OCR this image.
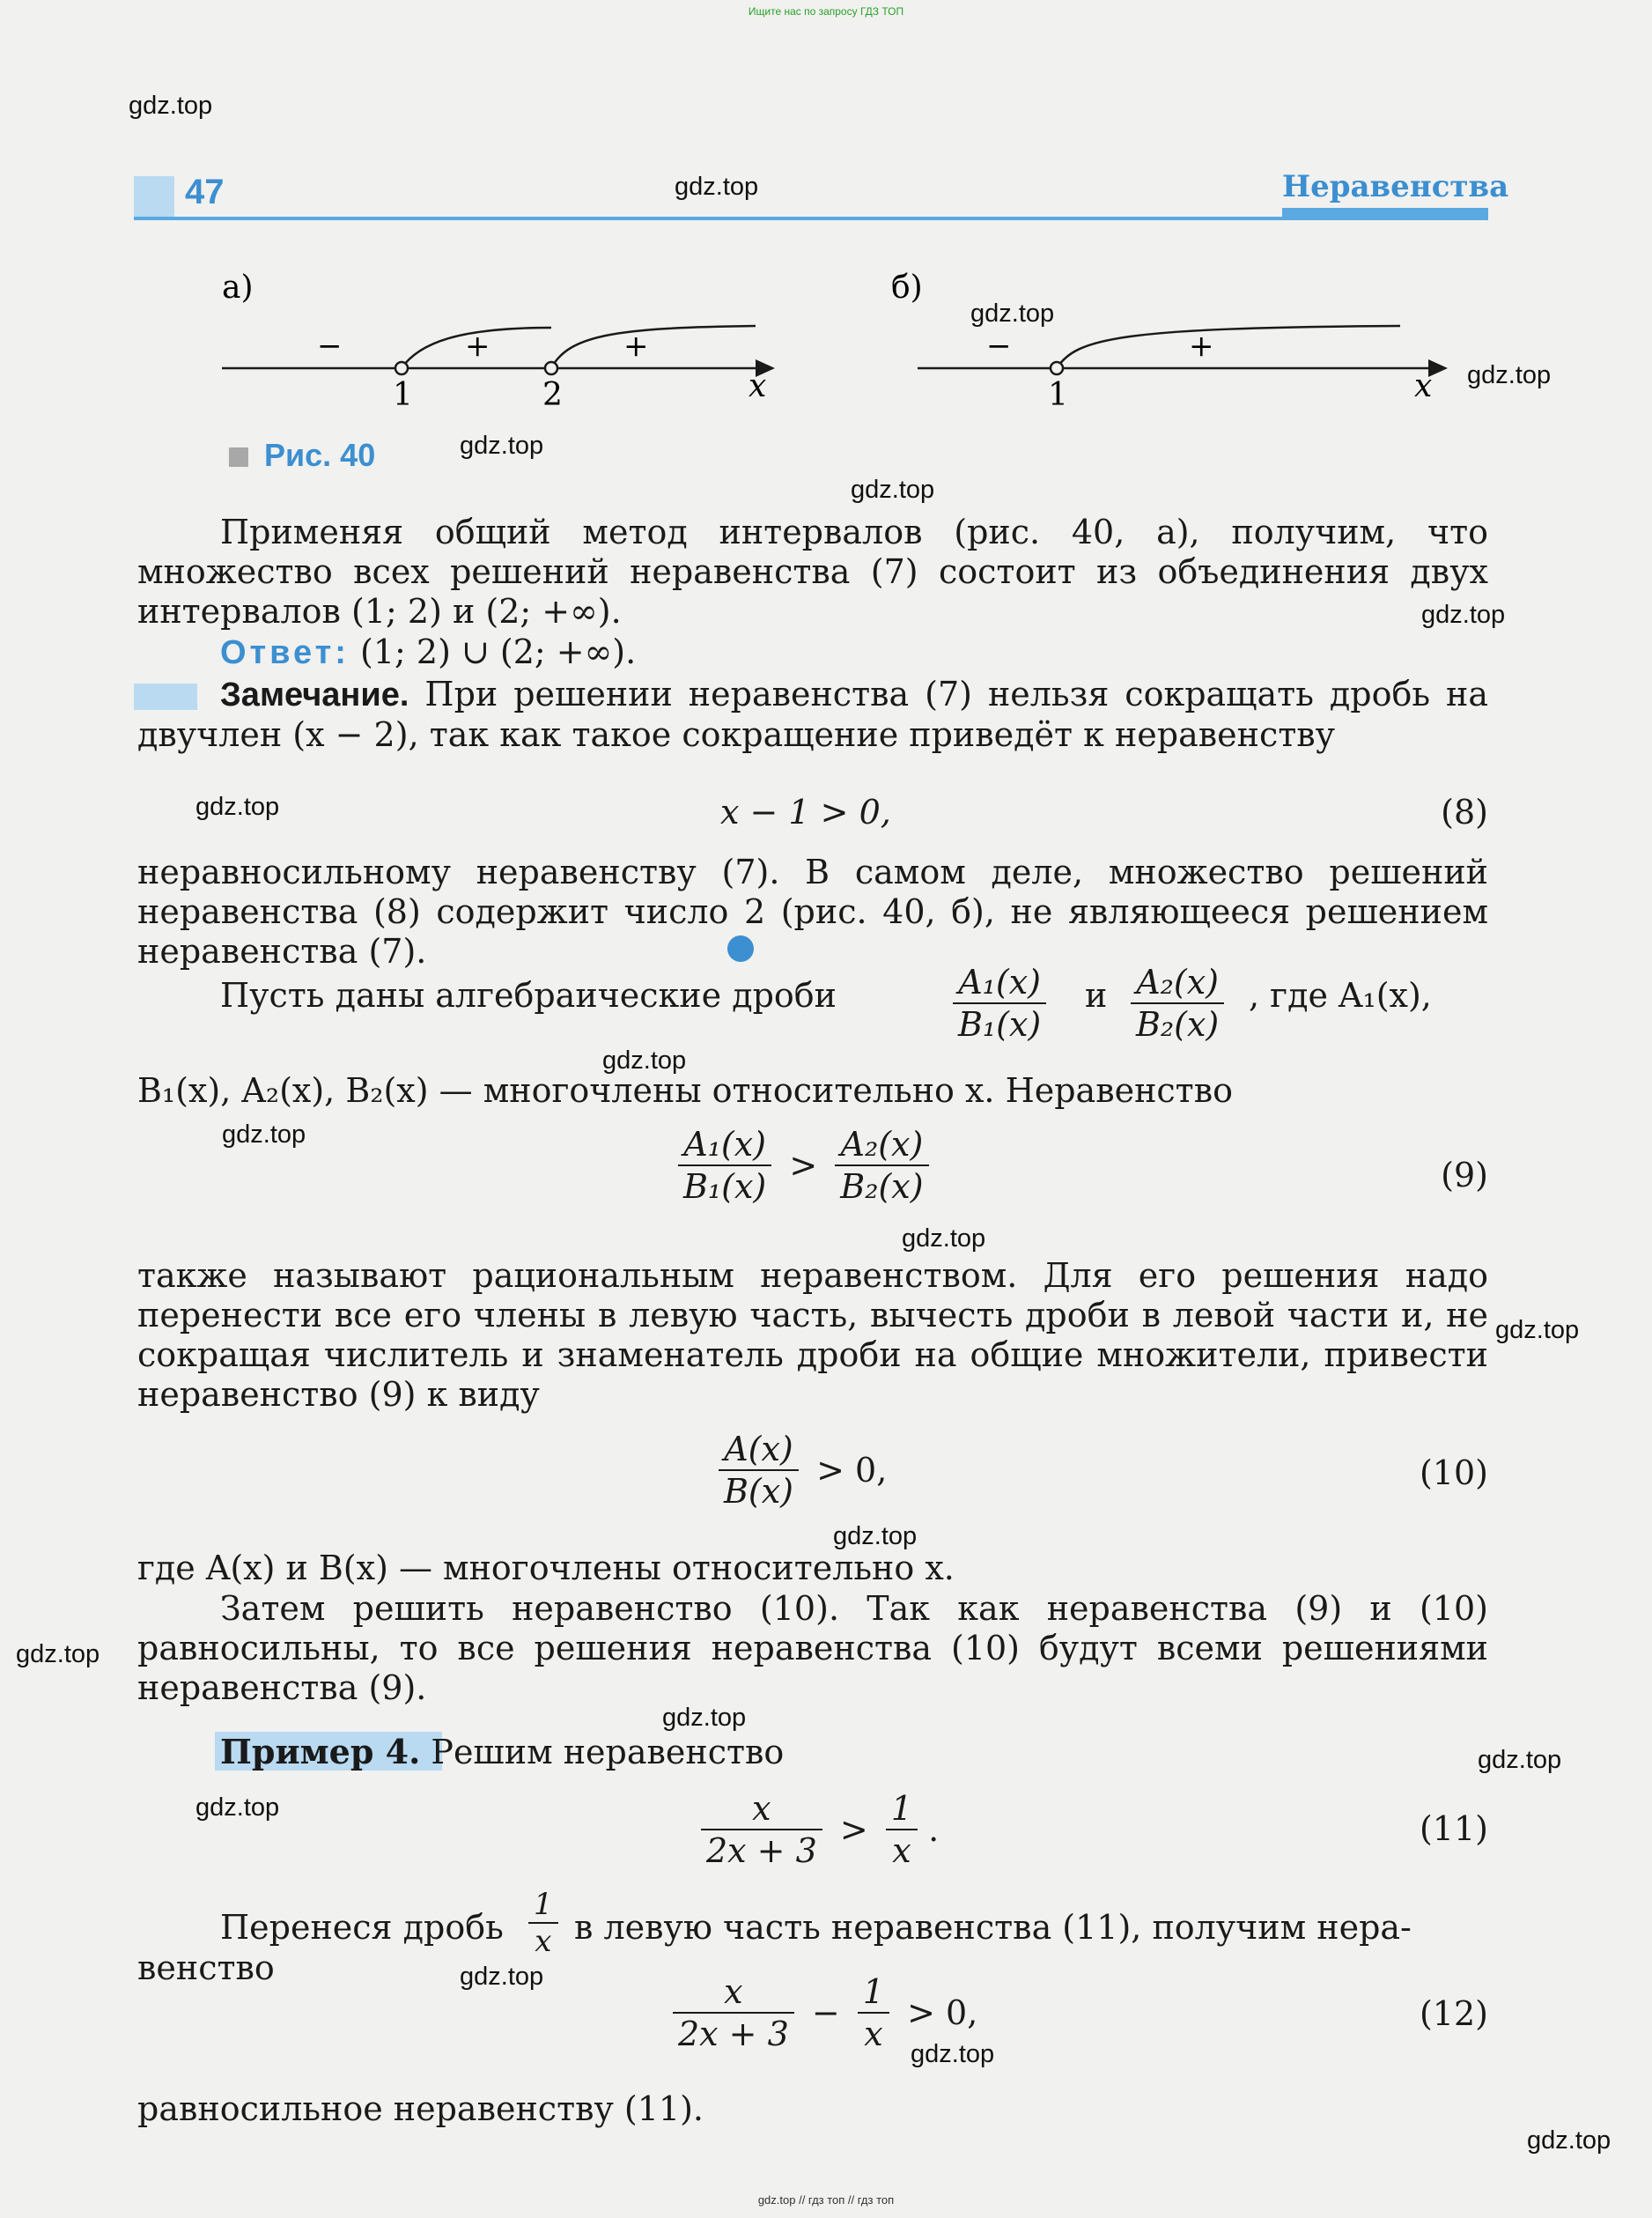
Ищите нас по запросу ГДЗ ТОП
47	Неравенства
а)
−	+	+
1	2	x
б)
−	+
1	x
Рис. 40
Применяя общий метод интервалов (рис. 40, а), получим, что множество всех решений неравенства (7) состоит из объединения двух интервалов (1; 2) и (2; +∞).
Ответ: (1; 2) ∪ (2; +∞).
Замечание. При решении неравенства (7) нельзя сокращать дробь на двучлен (x − 2), так как такое сокращение приведёт к неравенству
x − 1 > 0,	(8)
неравносильному неравенству (7). В самом деле, множество решений неравенства (8) содержит число 2 (рис. 40, б), не являющееся решением неравенства (7).
Пусть даны алгебраические дроби	$\frac{\text{A₁(x)}}{\text{B₁(x)}}$ и $\frac{\text{A₂(x)}}{\text{B₂(x)}}$ , где A₁(x),
B₁(x), A₂(x), B₂(x) — многочлены относительно x. Неравенство
$\frac{\text{A₁(x)}}{\text{B₁(x)}} > \frac{\text{A₂(x)}}{\text{B₂(x)}}$	(9)
также называют рациональным неравенством. Для его решения надо перенести все его члены в левую часть, вычесть дроби в левой части и, не сокращая числитель и знаменатель дроби на общие множители, привести неравенство (9) к виду
$\frac{A(x)}{B(x)} > 0$,	(10)
где A(x) и B(x) — многочлены относительно x.
Затем решить неравенство (10). Так как неравенства (9) и (10) равносильны, то все решения неравенства (10) будут всеми решениями неравенства (9).
Пример 4. Решим неравенство
$\frac{x}{2x + 3} > \frac{1}{x}$ .	(11)
Перенеся дробь $\frac{1}{x}$ в левую часть неравенства (11), получим нера-
венство
$\frac{x}{2x + 3} - \frac{1}{x} > 0$,	(12)
равносильное неравенству (11).
gdz.top
gdz.top
gdz.top
gdz.top
gdz.top
gdz.top
gdz.top
gdz.top
gdz.top
gdz.top
gdz.top
gdz.top
gdz.top
gdz.top
gdz.top
gdz.top
gdz.top
gdz.top
gdz.top
gdz.top
gdz.top // гдз топ // гдз топ
